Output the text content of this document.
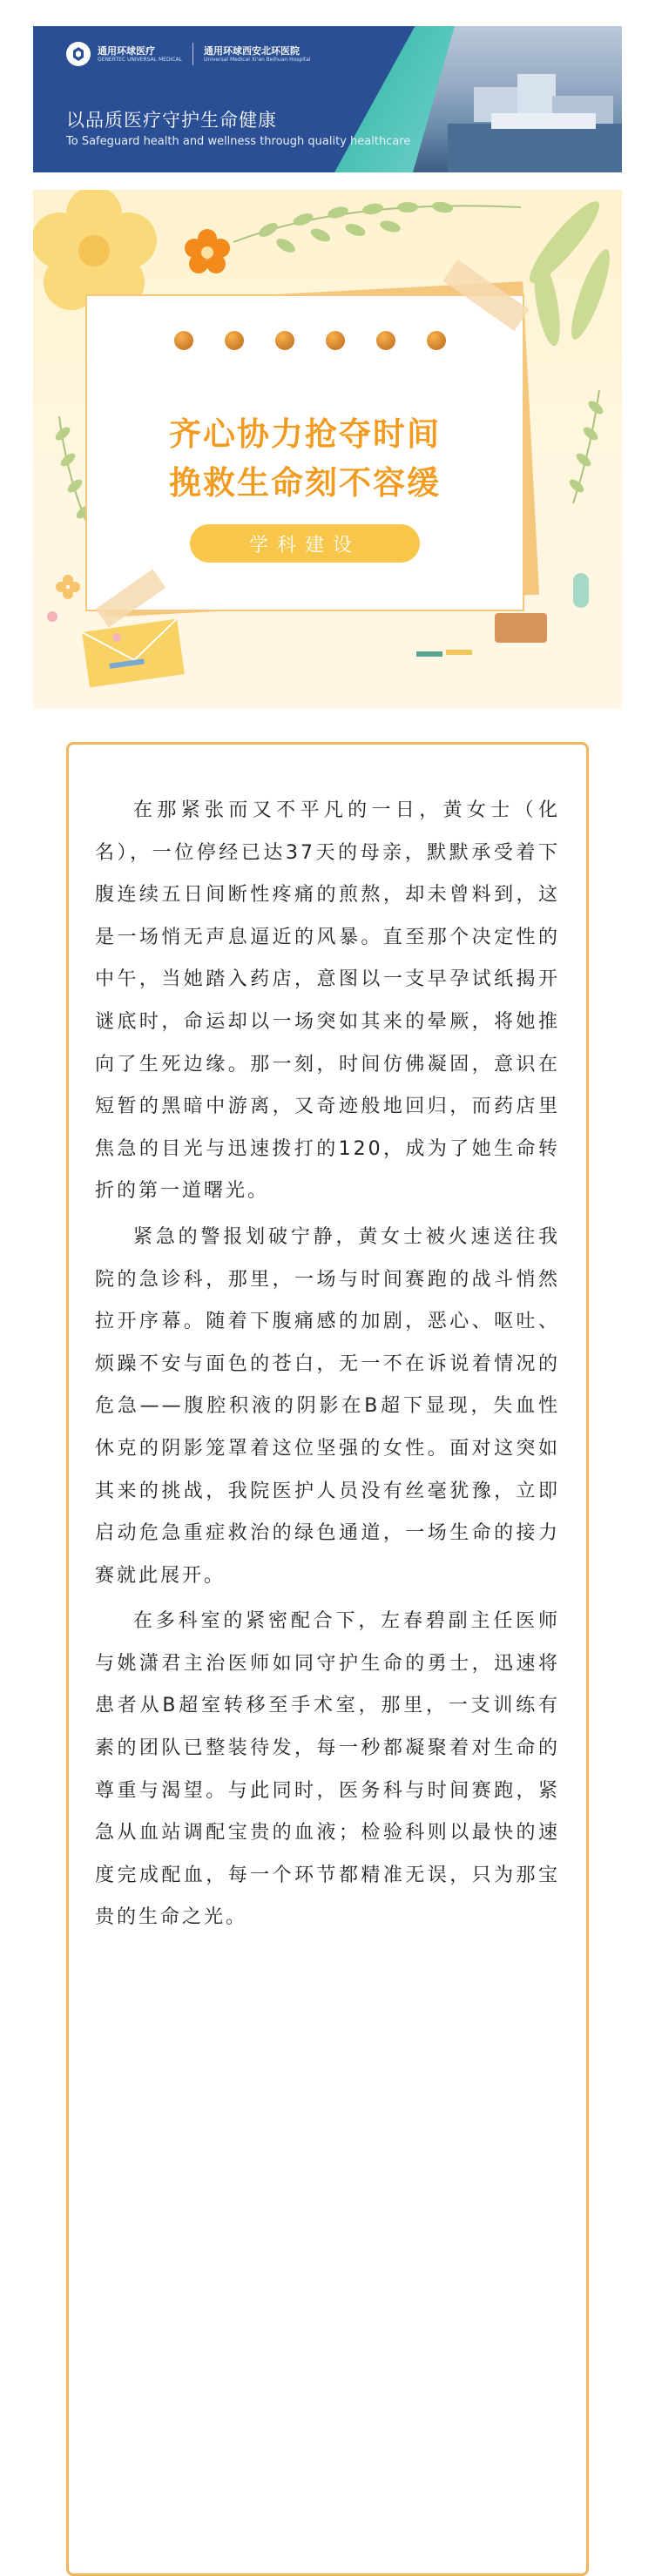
通用环球医疗
GENERTEC UNIVERSAL MEDICAL
通用环球西安北环医院
Universal Medical Xi'an Beihuan Hospital
以品质医疗守护生命健康
To Safeguard health and wellness through quality healthcare
齐心协力抢夺时间
挽救生命刻不容缓
学科建设

在那紧张而又不平凡的一日，黄女士（化名），一位停经已达37天的母亲，默默承受着下腹连续五日间断性疼痛的煎熬，却未曾料到，这是一场悄无声息逼近的风暴。直至那个决定性的中午，当她踏入药店，意图以一支早孕试纸揭开谜底时，命运却以一场突如其来的晕厥，将她推向了生死边缘。那一刻，时间仿佛凝固，意识在短暂的黑暗中游离，又奇迹般地回归，而药店里焦急的目光与迅速拨打的120，成为了她生命转折的第一道曙光。

紧急的警报划破宁静，黄女士被火速送往我院的急诊科，那里，一场与时间赛跑的战斗悄然拉开序幕。随着下腹痛感的加剧，恶心、呕吐、烦躁不安与面色的苍白，无一不在诉说着情况的危急——腹腔积液的阴影在B超下显现，失血性休克的阴影笼罩着这位坚强的女性。面对这突如其来的挑战，我院医护人员没有丝毫犹豫，立即启动危急重症救治的绿色通道，一场生命的接力赛就此展开。

在多科室的紧密配合下，左春碧副主任医师与姚潇君主治医师如同守护生命的勇士，迅速将患者从B超室转移至手术室，那里，一支训练有素的团队已整装待发，每一秒都凝聚着对生命的尊重与渴望。与此同时，医务科与时间赛跑，紧急从血站调配宝贵的血液；检验科则以最快的速度完成配血，每一个环节都精准无误，只为那宝贵的生命之光。
